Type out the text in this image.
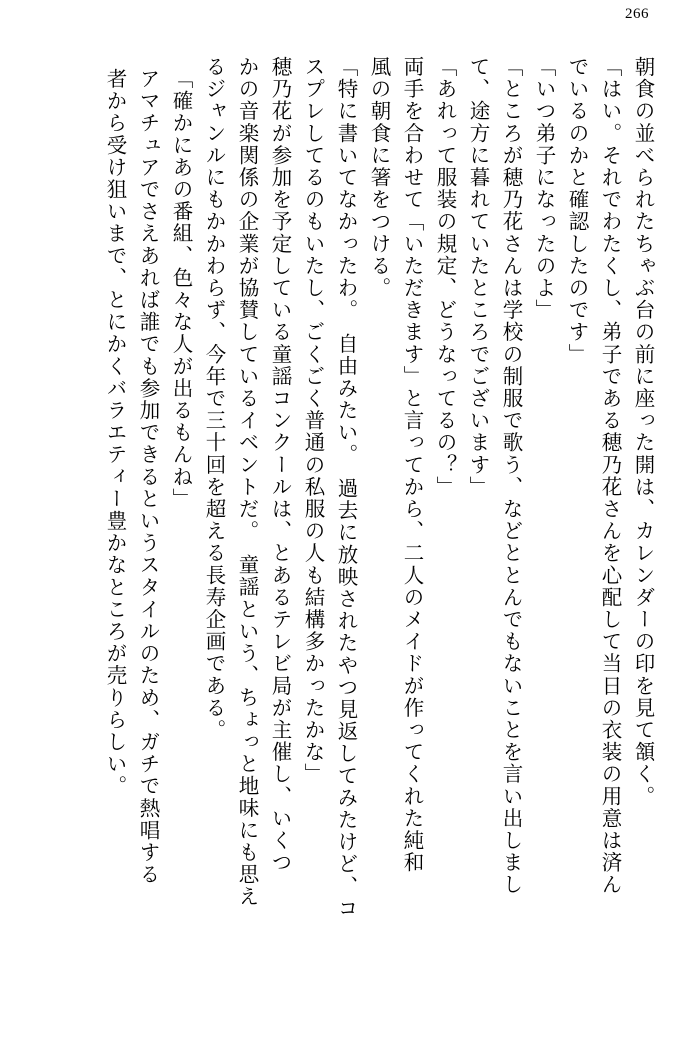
266
朝食の並べられたちゃぶ台の前に座った開は、カレンダーの印を見て頷く。
「はい。それでわたくし、弟子である穂乃花さんを心配して当日の衣装の用意は済ん
でいるのかと確認したのです」
「いつ弟子になったのよ」
「ところが穂乃花さんは学校の制服で歌う、などととんでもないことを言い出しまし
て、途方に暮れていたところでございます」
「あれって服装の規定、どうなってるの？」
両手を合わせて「いただきます」と言ってから、二人のメイドが作ってくれた純和
風の朝食に箸をつける。
「特に書いてなかったわ。　自由みたい。　過去に放映されたやつ見返してみたけど、コ
スプレしてるのもいたし、ごくごく普通の私服の人も結構多かったかな」
穂乃花が参加を予定している童謡コンクールは、とあるテレビ局が主催し、いくつ
かの音楽関係の企業が協賛しているイベントだ。　童謡という、ちょっと地味にも思え
るジャンルにもかかわらず、今年で三十回を超える長寿企画である。
「確かにあの番組、色々な人が出るもんね」
アマチュアでさえあれば誰でも参加できるというスタイルのため、ガチで熱唱する
者から受け狙いまで、とにかくバラエティー豊かなところが売りらしい。
